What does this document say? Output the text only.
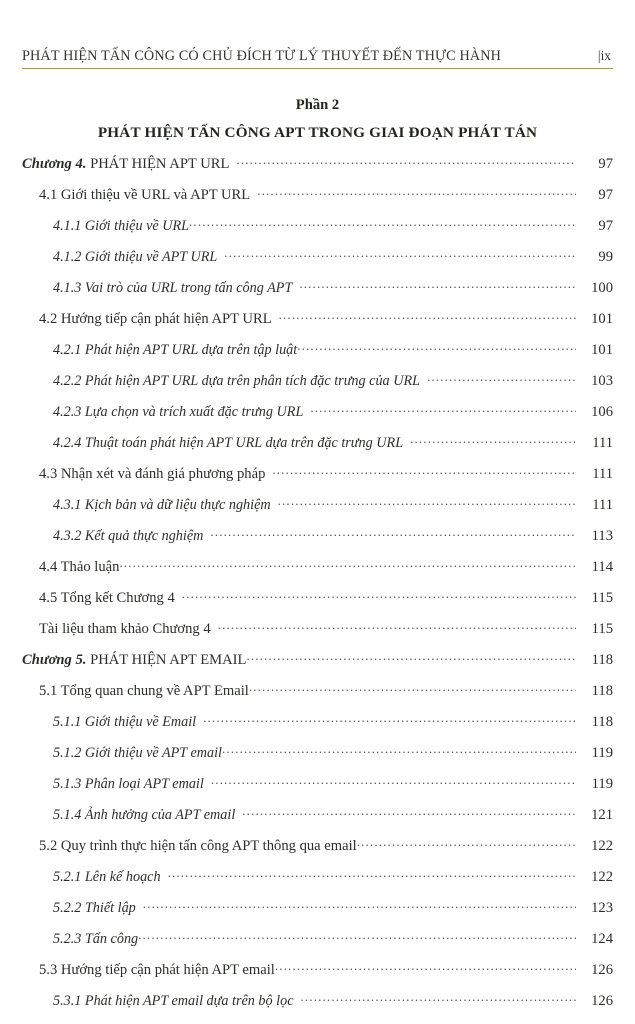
PHÁT HIỆN TẤN CÔNG CÓ CHỦ ĐÍCH TỪ LÝ THUYẾT ĐẾN THỰC HÀNH	|ix
Phần 2
PHÁT HIỆN TẤN CÔNG APT TRONG GIAI ĐOẠN PHÁT TÁN
Chương 4. PHÁT HIỆN APT URL .....	97
4.1 Giới thiệu về URL và APT URL .....	97
4.1.1 Giới thiệu về URL .....	97
4.1.2 Giới thiệu về APT URL .....	99
4.1.3 Vai trò của URL trong tấn công APT .....	100
4.2 Hướng tiếp cận phát hiện APT URL .....	101
4.2.1 Phát hiện APT URL dựa trên tập luật .....	101
4.2.2 Phát hiện APT URL dựa trên phân tích đặc trưng của URL .....	103
4.2.3 Lựa chọn và trích xuất đặc trưng URL .....	106
4.2.4 Thuật toán phát hiện APT URL dựa trên đặc trưng URL .....	111
4.3 Nhận xét và đánh giá phương pháp .....	111
4.3.1 Kịch bản và dữ liệu thực nghiệm .....	111
4.3.2 Kết quả thực nghiệm .....	113
4.4 Thảo luận .....	114
4.5 Tổng kết Chương 4 .....	115
Tài liệu tham khảo Chương 4 .....	115
Chương 5. PHÁT HIỆN APT EMAIL .....	118
5.1 Tổng quan chung về APT Email .....	118
5.1.1 Giới thiệu về Email .....	118
5.1.2 Giới thiệu về APT email .....	119
5.1.3 Phân loại APT email .....	119
5.1.4 Ảnh hưởng của APT email .....	121
5.2 Quy trình thực hiện tấn công APT thông qua email .....	122
5.2.1 Lên kế hoạch .....	122
5.2.2 Thiết lập .....	123
5.2.3 Tấn công .....	124
5.3 Hướng tiếp cận phát hiện APT email .....	126
5.3.1 Phát hiện APT email dựa trên bộ lọc .....	126
